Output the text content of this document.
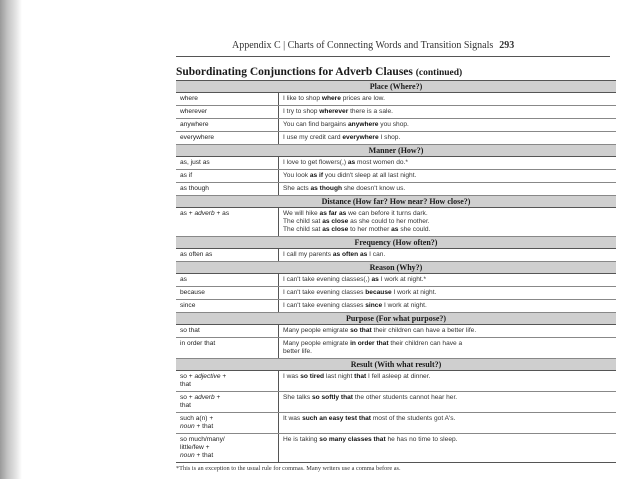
Appendix C | Charts of Connecting Words and Transition Signals 293
Subordinating Conjunctions for Adverb Clauses (continued)
Place (Where?)	
where	I like to shop where prices are low.
wherever	I try to shop wherever there is a sale.
anywhere	You can find bargains anywhere you shop.
everywhere	I use my credit card everywhere I shop.
Manner (How?)	
as, just as	I love to get flowers(,) as most women do.*
as if	You look as if you didn't sleep at all last night.
as though	She acts as though she doesn't know us.
Distance (How far? How near? How close?)	
as + adverb + as	We will hike as far as we can before it turns dark.
The child sat as close as she could to her mother.
The child sat as close to her mother as she could.
Frequency (How often?)	
as often as	I call my parents as often as I can.
Reason (Why?)	
as	I can't take evening classes(,) as I work at night.*
because	I can't take evening classes because I work at night.
since	I can't take evening classes since I work at night.
Purpose (For what purpose?)	
so that	Many people emigrate so that their children can have a better life.
in order that	Many people emigrate in order that their children can have a
better life.
Result (With what result?)	
so + adjective +
that	I was so tired last night that I fell asleep at dinner.
so + adverb +
that	She talks so softly that the other students cannot hear her.
such a(n) +
noun + that	It was such an easy test that most of the students got A's.
so much/many/
little/few +
noun + that	He is taking so many classes that he has no time to sleep.
*This is an exception to the usual rule for commas. Many writers use a comma before as.
